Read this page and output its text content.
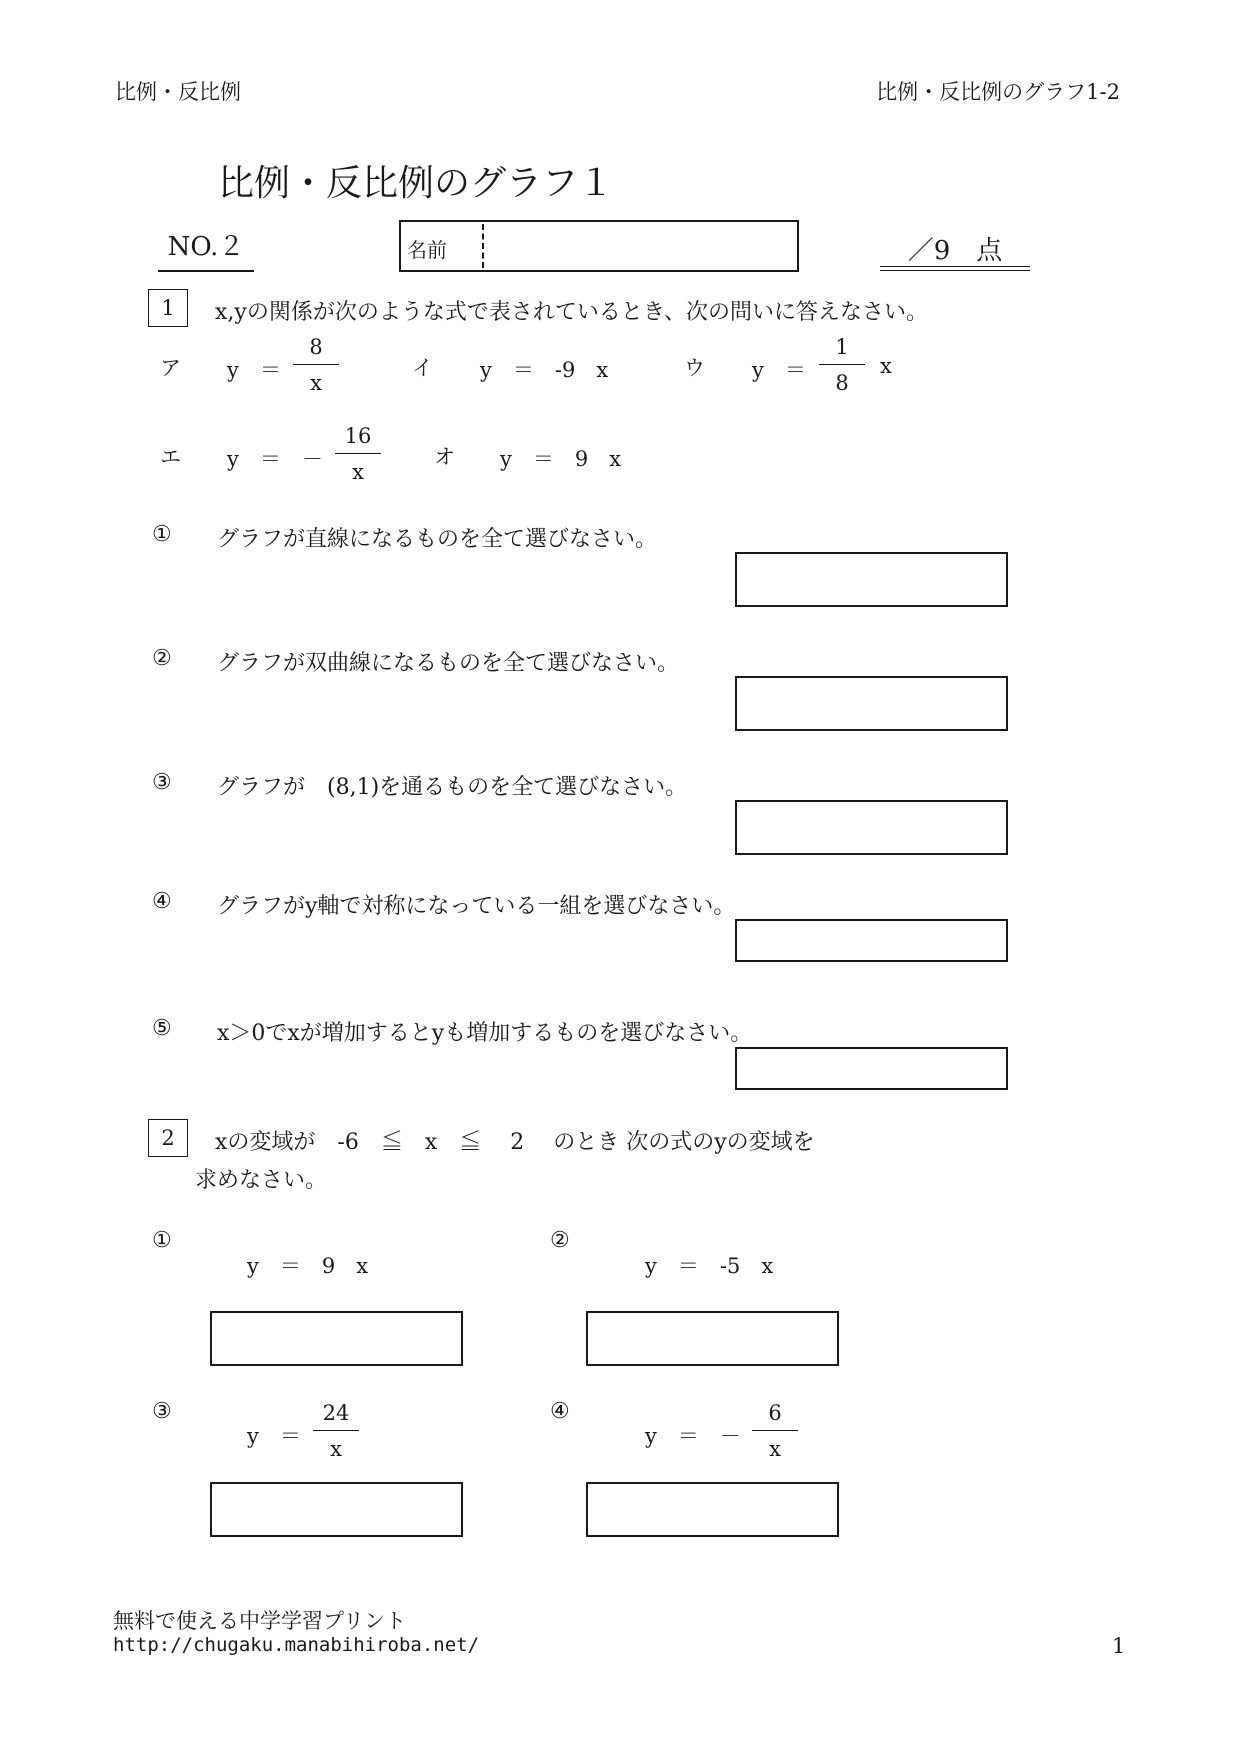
比例・反比例	比例・反比例のグラフ1-2
比例・反比例のグラフ１
NO.２	名前	／9　点
1	x,yの関係が次のような式で表されているとき、次の問いに答えなさい。
ア y　＝
8
x
イ y　＝　-9　x	ウ y　＝
1
8
x
エ y　＝　－
16
x
オ y　＝　9　x
① グラフが直線になるものを全て選びなさい。
② グラフが双曲線になるものを全て選びなさい。
③ グラフが　(8,1)を通るものを全て選びなさい。
④ グラフがy軸で対称になっている一組を選びなさい。
⑤ x＞0でxが増加するとyも増加するものを選びなさい。
2	xの変域が　-6　≦　x　≦　 2　 のとき 次の式のyの変域を
求めなさい。
①
y　＝　9　x
②
y　＝　-5　x
③
y　＝
24
x
④
y　＝　－
6
x
無料で使える中学学習プリント
http://chugaku.manabihiroba.net/	1
